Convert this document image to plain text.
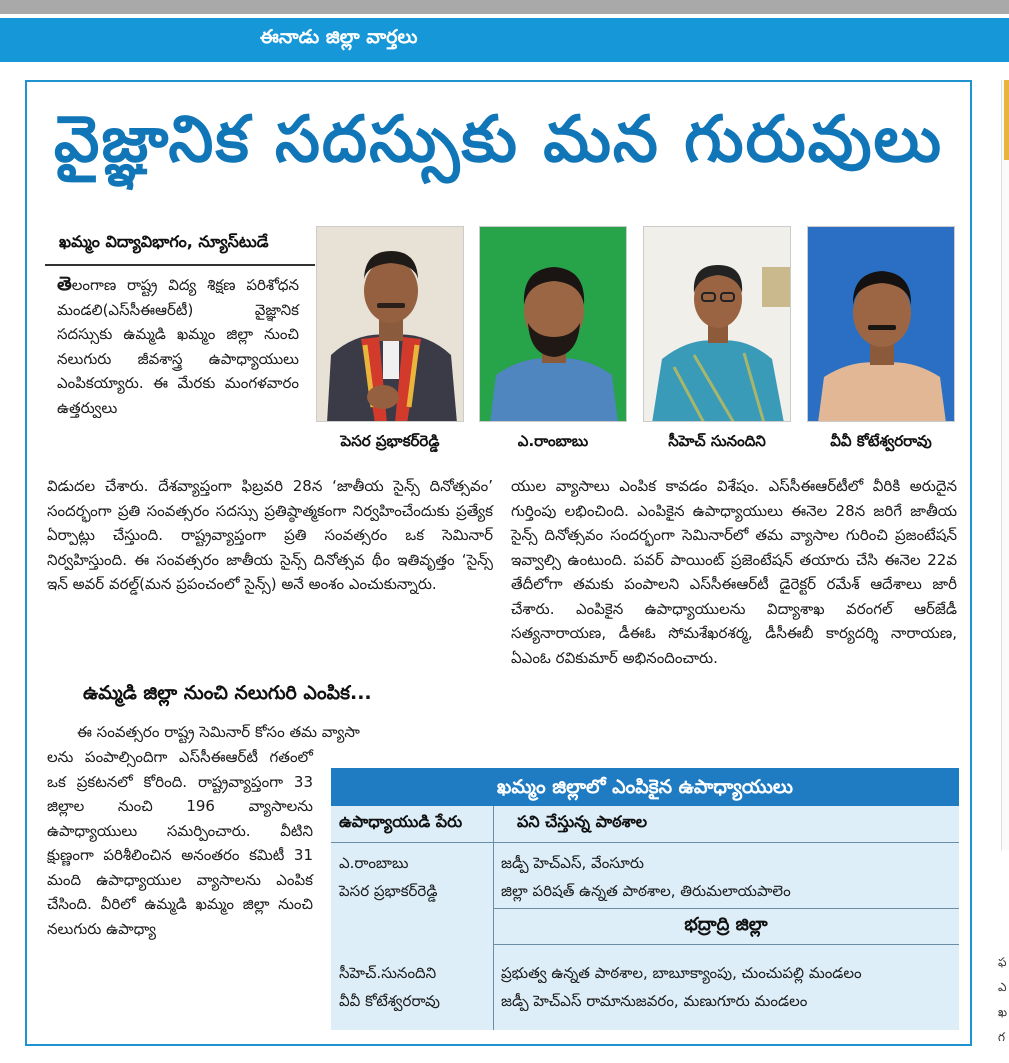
ఈనాడు జిల్లా వార్తలు
ఫ
ఎ
ఖ
గ
వైజ్ఞానిక సదస్సుకు మన గురువులు
ఖమ్మం విద్యావిభాగం, న్యూస్‌టుడే
పెసర ప్రభాకర్‌రెడ్డి	ఎ.రాంబాబు	సీహెచ్‌ సునందిని	వీవీ కోటేశ్వరరావు
తెలంగాణ రాష్ట్ర విద్య శిక్షణ పరిశోధన మండలి(ఎస్‌సీఈఆర్‌టీ) వైజ్ఞానిక సదస్సుకు ఉమ్మడి ఖమ్మం జిల్లా నుంచి నలుగురు జీవశాస్త్ర ఉపాధ్యాయులు ఎంపికయ్యారు. ఈ మేరకు మంగళవారం ఉత్తర్వులు
విడుదల చేశారు. దేశవ్యాప్తంగా ఫిబ్రవరి 28న ‘జాతీయ సైన్స్‌ దినోత్సవం’ సందర్భంగా ప్రతి సంవత్సరం సదస్సు ప్రతిష్ఠాత్మకంగా నిర్వహించేందుకు ప్రత్యేక ఏర్పాట్లు చేస్తుంది. రాష్ట్రవ్యాప్తంగా ప్రతి సంవత్సరం ఒక సెమినార్‌ నిర్వహిస్తుంది. ఈ సంవత్సరం జాతీయ సైన్స్‌ దినోత్సవ థీం ఇతివృత్తం ‘సైన్స్‌ ఇన్‌ అవర్‌ వరల్డ్‌(మన ప్రపంచంలో సైన్స్‌) అనే అంశం ఎంచుకున్నారు.
యుల వ్యాసాలు ఎంపిక కావడం విశేషం. ఎస్‌సీఈఆర్‌టీలో వీరికి అరుదైన గుర్తింపు లభించింది. ఎంపికైన ఉపాధ్యాయులు ఈనెల 28న జరిగే జాతీయ సైన్స్‌ దినోత్సవం సందర్భంగా సెమినార్‌లో తమ వ్యాసాల గురించి ప్రజంటేషన్‌ ఇవ్వాల్సి ఉంటుంది. పవర్‌ పాయింట్‌ ప్రజెంటేషన్‌ తయారు చేసి ఈనెల 22వ తేదీలోగా తమకు పంపాలని ఎస్‌సీఈఆర్‌టీ డైరెక్టర్‌ రమేశ్‌ ఆదేశాలు జారీ చేశారు. ఎంపికైన ఉపాధ్యాయులను విద్యాశాఖ వరంగల్‌ ఆర్‌జేడీ సత్యనారాయణ, డీఈఓ సోమశేఖరశర్మ, డీసీఈబీ కార్యదర్శి నారాయణ, ఏఎంఓ రవికుమార్‌ అభినందించారు.
ఉమ్మడి జిల్లా నుంచి నలుగురి ఎంపిక...
ఈ సంవత్సరం రాష్ట్ర సెమినార్‌ కోసం తమ వ్యాసా
లను పంపాల్సిందిగా ఎస్‌సీఈఆర్‌టీ గతంలో ఒక ప్రకటనలో కోరింది. రాష్ట్రవ్యాప్తంగా 33 జిల్లాల నుంచి 196 వ్యాసాలను ఉపాధ్యాయులు సమర్పించారు. వీటిని క్షుణ్ణంగా పరిశీలించిన అనంతరం కమిటీ 31 మంది ఉపాధ్యాయుల వ్యాసాలను ఎంపిక చేసింది. వీరిలో ఉమ్మడి ఖమ్మం జిల్లా నుంచి నలుగురు ఉపాధ్యా
ఖమ్మం జిల్లాలో ఎంపికైన ఉపాధ్యాయులు
ఉపాధ్యాయుడి పేరు	పని చేస్తున్న పాఠశాల
ఎ.రాంబాబు	జడ్పీ హెచ్‌ఎస్‌, వేంసూరు
పెసర ప్రభాకర్‌రెడ్డి	జిల్లా పరిషత్‌ ఉన్నత పాఠశాల, తిరుమలాయపాలెం
భద్రాద్రి జిల్లా
సీహెచ్‌.సునందిని	ప్రభుత్వ ఉన్నత పాఠశాల, బాబూక్యాంపు, చుంచుపల్లి మండలం
వీవీ కోటేశ్వరరావు	జడ్పీ హెచ్‌ఎస్‌ రామానుజవరం, మణుగూరు మండలం
